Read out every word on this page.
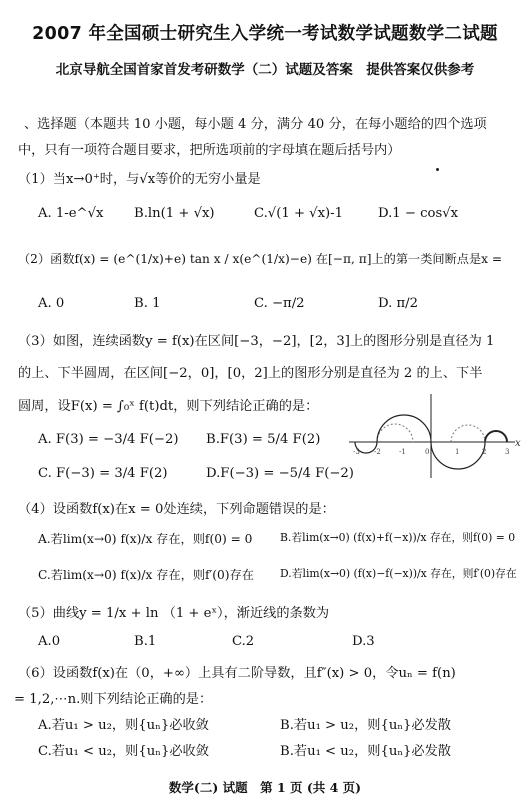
2007 年全国硕士研究生入学统一考试数学试题数学二试题
北京导航全国首家首发考研数学（二）试题及答案　提供答案仅供参考
、选择题（本题共 10 小题，每小题 4 分，满分 40 分，在每小题给的四个选项
中，只有一项符合题目要求，把所选项前的字母填在题后括号内）
（1）当x→0⁺时，与√x等价的无穷小量是
A. 1-e^√x B.ln(1 + √x)	C.√(1 + √x)-1	D.1 − cos√x
（2）函数f(x) = (e^(1/x)+e) tan x / x(e^(1/x)−e) 在[−π, π]上的第一类间断点是x =
A. 0	B. 1	C. −π/2	D. π/2
（3）如图，连续函数y = f(x)在区间[−3，−2]，[2，3]上的图形分别是直径为 1
的上、下半圆周，在区间[−2，0]，[0，2]上的图形分别是直径为 2 的上、下半
圆周，设F(x) = ∫₀ˣ f(t)dt，则下列结论正确的是：
A. F(3) = −3/4 F(−2) B.F(3) = 5/4 F(2)
C. F(−3) = 3/4 F(2)	D.F(−3) = −5/4 F(−2)
-3 -2	-1	0	1	2	3
x
（4）设函数f(x)在x = 0处连续，下列命题错误的是：
A.若lim(x→0) f(x)/x 存在，则f(0) = 0	B.若lim(x→0) (f(x)+f(−x))/x 存在，则f(0) = 0
C.若lim(x→0) f(x)/x 存在，则f′(0)存在 D.若lim(x→0) (f(x)−f(−x))/x 存在，则f′(0)存在
（5）曲线y = 1/x + ln （1 + eˣ），渐近线的条数为
A.0	B.1	C.2	D.3
（6）设函数f(x)在（0，+∞）上具有二阶导数，且f″(x) > 0，令uₙ = f(n)
= 1,2,⋯n.则下列结论正确的是：
A.若u₁ > u₂，则{uₙ}必收敛	B.若u₁ > u₂，则{uₙ}必发散
C.若u₁ < u₂，则{uₙ}必收敛	B.若u₁ < u₂，则{uₙ}必发散
数学(二) 试题　第 1 页 (共 4 页)
